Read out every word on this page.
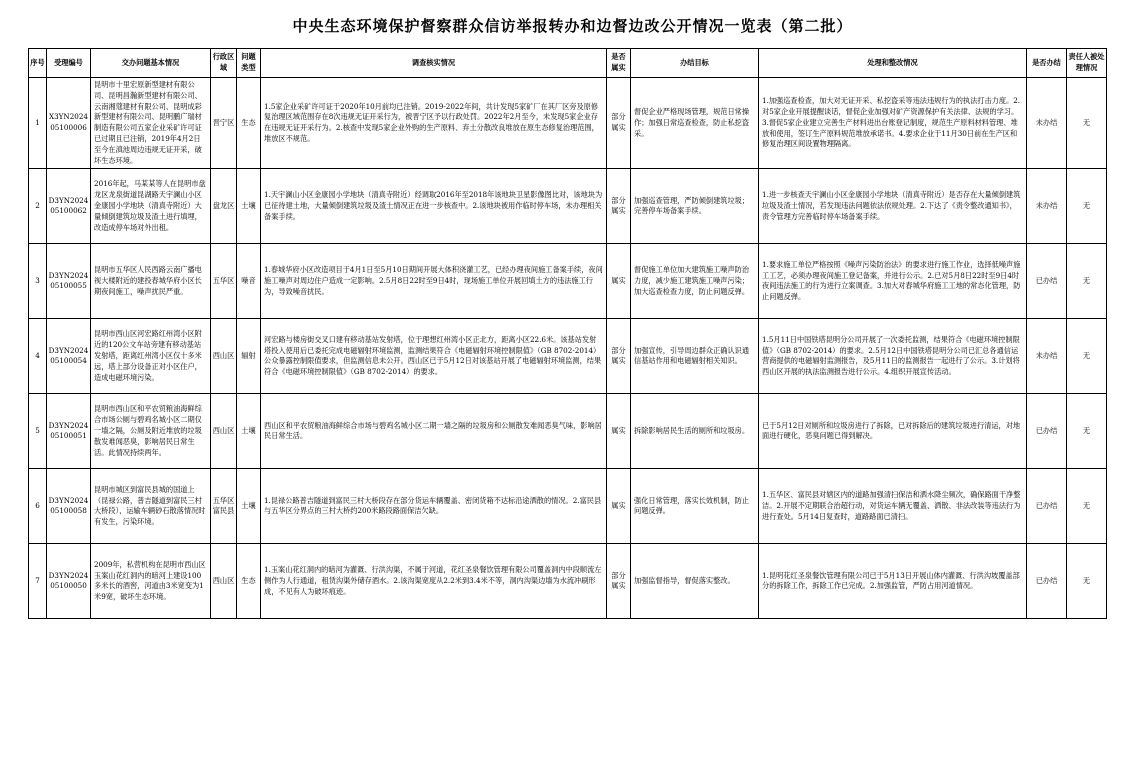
中央生态环境保护督察群众信访举报转办和边督边改公开情况一览表（第二批）
序号	受理编号	交办问题基本情况	行政区域	问题类型	调查核实情况	是否属实	办结目标	处理和整改情况	是否办结	责任人被处理情况
1	X3YN2024 05100006	昆明市十里宏原新型建材有限公司、昆明昌瀚新型建材有限公司、云南湘蔻建材有限公司、昆明成彩新型建材有限公司、昆明鹏广瑞材制造有限公司五家企业采矿许可证已过期且已注销，2019年4月2日至今在滇池周边违规无证开采，破坏生态环境。	晋宁区	生态	1.5家企业采矿许可证于2020年10月前均已注销。2019-2022年间，共计发现5家矿厂在其厂区旁及原修复治理区域范围存在8次违规无证开采行为，被晋宁区予以行政处罚。2022年2月至今，未发现5家企业存在违规无证开采行为。2.核查中发现5家企业外购的生产原料、弃土分散改良堆放在原生态修复治理范围，堆放区不规范。	部分属实	督促企业严格现场管理，规范日常操作；加强日常巡查检查，防止私挖盗采。	1.加强巡查检查，加大对无证开采、私挖盗采等违法违规行为的执法打击力度。2.对5家企业开展提醒谈话，督促企业加强对矿产资源保护有关法律、法规的学习。3.督促5家企业建立完善生产材料进出台账登记制度，规范生产原料材料管理、堆放和使用，签订生产原料规范堆放承诺书。4.要求企业于11月30日前在生产区和修复治理区间设置物理隔离。	未办结	无
2	D3YN2024 05100062	2016年起，马某某等人在昆明市盘龙区龙泉街道昆湖路天宇澜山小区金康园小学地块（清真寺附近）大量倾倒建筑垃圾及渣土进行填埋，改造成停车场对外出租。	盘龙区	土壤	1.天宇澜山小区金康园小学地块（清真寺附近）经调取2016年至2018年该地块卫星影像图比对，该地块为已征待建土地，大量倾倒建筑垃圾及渣土情况正在进一步核查中。2.该地块被用作临时停车场，未办理相关备案手续。	部分属实	加强巡查管理，严防倾倒建筑垃圾；完善停车场备案手续。	1.进一步核查天宇澜山小区金康园小学地块（清真寺附近）是否存在大量倾倒建筑垃圾及渣土情况，若发现违法问题依法依规处理。2.下达了《责令整改通知书》，责令管理方完善临时停车场备案手续。	未办结	无
3	D3YN2024 05100055	昆明市五华区人民西路云南广播电视大楼附近的建投春城华府小区长期夜间施工，噪声扰民严重。	五华区	噪音	1.春城华府小区改造项目于4月1日至5月10日期间开展大体积浇灌工艺，已经办理夜间施工备案手续，夜间施工噪声对周边住户造成一定影响。2.5月8日22时至9日4时，现场施工单位开展回填土方的违法施工行为，导致噪音扰民。	属实	督促施工单位加大建筑施工噪声防治力度，减少施工建筑施工噪声污染；加大巡查检查力度，防止问题反弹。	1.要求施工单位严格按照《噪声污染防治法》的要求进行施工作业，选择低噪声施工工艺，必须办理夜间施工登记备案，并进行公示。2.已对5月8日22时至9日4时夜间违法施工的行为进行立案调查。3.加大对春城华府施工工地的常态化管理，防止问题反弹。	已办结	无
4	D3YN2024 05100054	昆明市西山区河宏路红州湾小区附近的120公文车站旁建有移动基站发射塔，距离红州湾小区仅十多米远，塔上部分设备正对小区住户，造成电磁环境污染。	西山区	辐射	河宏路与楼房街交叉口建有移动基站发射塔，位于理想红州湾小区正北方，距离小区22.6米。该基站发射塔投入使用后已委托完成电磁辐射环境监测，监测结果符合《电磁辐射环境控制限值》（GB 8702-2014）公众暴露控制限值要求，但监测信息未公开。西山区已于5月12日对该基站开展了电磁辐射环境监测，结果符合《电磁环境控制限值》（GB 8702-2014）的要求。	部分属实	加强宣传，引导周边群众正确认识通信基站作用和电磁辐射相关知识。	1.5月11日中国铁塔昆明分公司开展了一次委托监测，结果符合《电磁环境控制限值》（GB 8702-2014）的要求。2.5月12日中国铁塔昆明分公司已汇总各通信运营商提供的电磁辐射监测报告，及5月11日的监测报告一起进行了公示。3.计划将西山区开展的执法监测报告进行公示。4.组织开展宣传活动。	未办结	无
5	D3YN2024 05100051	昆明市西山区和平农贸粮油海鲜综合市场公厕与碧鸡名城小区二期仅一墙之隔，公厕及附近堆放的垃圾散发难闻恶臭，影响居民日常生活。此情况持续两年。	西山区	土壤	西山区和平农贸粮油海鲜综合市场与碧鸡名城小区二期一墙之隔的垃圾房和公厕散发难闻恶臭气味，影响居民日常生活。	属实	拆除影响居民生活的厕所和垃圾房。	已于5月12日对厕所和垃圾房进行了拆除，已对拆除后的建筑垃圾进行清运，对地面进行硬化，恶臭问题已得到解决。	已办结	无
6	D3YN2024 05100058	昆明市城区到富民县城的国道上（昆禄公路，普吉隧道到富民三村大桥段），运输车辆砂石散落情况时有发生，污染环境。	五华区富民县	土壤	1.昆禄公路普吉隧道到富民三村大桥段存在部分货运车辆覆盖、密闭货箱不达标沿途洒散的情况。2.富民县与五华区分界点的三村大桥约200米路段路面保洁欠缺。	属实	强化日常管理，落实长效机制，防止问题反弹。	1.五华区、富民县对辖区内的道路加强清扫保洁和洒水降尘频次，确保路面干净整洁。2.开展不定期联合治超行动，对货运车辆无覆盖、洒散、非法改装等违法行为进行查处。5月14日复查时，道路路面已清扫。	已办结	无
7	D3YN2024 05100050	2009年，私营机构在昆明市西山区玉案山花红洞内的暗河上建设100多米长的酒窖，河道由3米宽变为1米9宽，破坏生态环境。	西山区	生态	1.玉案山花红洞内的暗河为灌溉、行洪沟渠，不属于河道，花红圣泉餐饮管理有限公司覆盖洞内中段顺流左侧作为人行通道，租赁沟渠外储存酒水。2.该沟渠宽度从2.2米到3.4米不等，洞内沟渠边墙为水流冲刷形成，不见有人为破坏痕迹。	部分属实	加强监督指导，督促落实整改。	1.昆明花红圣泉餐饮管理有限公司已于5月13日开展山体内灌溉、行洪沟坡覆盖部分的拆除工作，拆除工作已完成。2.加强监管，严防占用河道情况。	已办结	无
